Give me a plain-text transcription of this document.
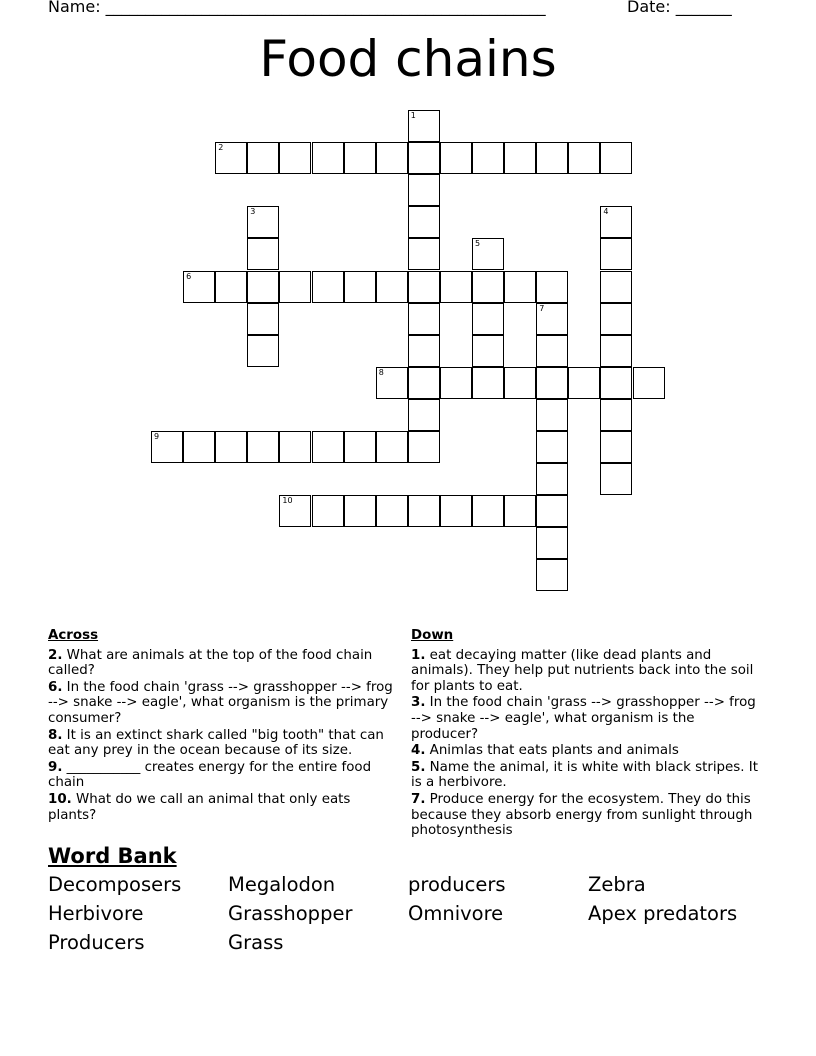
Name: _______________________________________________________	Date: _______
Food chains
1
2
3	4
5
6
7
8
9
10
Across
2. What are animals at the top of the food chain called?
6. In the food chain 'grass --> grasshopper --> frog --> snake --> eagle', what organism is the primary consumer?
8. It is an extinct shark called "big tooth" that can eat any prey in the ocean because of its size.
9. ___________ creates energy for the entire food chain
10. What do we call an animal that only eats plants?
Down
1. eat decaying matter (like dead plants and animals). They help put nutrients back into the soil for plants to eat.
3. In the food chain 'grass --> grasshopper --> frog --> snake --> eagle', what organism is the producer?
4. Animlas that eats plants and animals
5. Name the animal, it is white with black stripes. It is a herbivore.
7. Produce energy for the ecosystem. They do this because they absorb energy from sunlight through photosynthesis
Word Bank
Decomposers	Megalodon	producers	Zebra
Herbivore	Grasshopper	Omnivore	Apex predators
Producers	Grass
